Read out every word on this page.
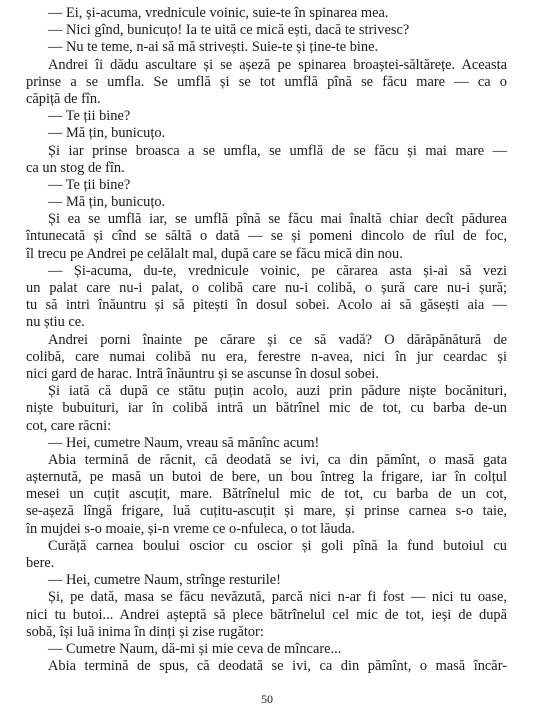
— Ei, și-acuma, vrednicule voinic, suie-te în spinarea mea.
— Nici gînd, bunicuțo! Ia te uită ce mică ești, dacă te strivesc?
— Nu te teme, n-ai să mă strivești. Suie-te și ține-te bine.
Andrei îi dădu ascultare și se așeză pe spinarea broaștei-săltărețe. Aceasta
prinse a se umfla. Se umflă și se tot umflă pînă se făcu mare — ca o
căpiță de fîn.
— Te ții bine?
— Mă țin, bunicuțo.
Și iar prinse broasca a se umfla, se umflă de se făcu și mai mare —
ca un stog de fîn.
— Te ții bine?
— Mă țin, bunicuțo.
Și ea se umflă iar, se umflă pînă se făcu mai înaltă chiar decît pădurea
întunecată și cînd se săltă o dată — se și pomeni dincolo de rîul de foc,
îl trecu pe Andrei pe celălalt mal, după care se făcu mică din nou.
— Și-acuma, du-te, vrednicule voinic, pe cărarea asta și-ai să vezi
un palat care nu-i palat, o colibă care nu-i colibă, o șură care nu-i șură;
tu să intri înăuntru și să pitești în dosul sobei. Acolo ai să găsești aia —
nu știu ce.
Andrei porni înainte pe cărare și ce să vadă? O dărăpănătură de
colibă, care numai colibă nu era, ferestre n-avea, nici în jur ceardac și
nici gard de harac. Intră înăuntru și se ascunse în dosul sobei.
Și iată că după ce stătu puțin acolo, auzi prin pădure niște bocănituri,
niște bubuituri, iar în colibă intră un bătrînel mic de tot, cu barba de-un
cot, care răcni:
— Hei, cumetre Naum, vreau să mănînc acum!
Abia termină de răcnit, că deodată se ivi, ca din pămînt, o masă gata
așternută, pe masă un butoi de bere, un bou întreg la frigare, iar în colțul
mesei un cuțit ascuțit, mare. Bătrînelul mic de tot, cu barba de un cot,
se-așeză lîngă frigare, luă cuțitu-ascuțit și mare, și prinse carnea s-o taie,
în mujdei s-o moaie, și-n vreme ce o-nfuleca, o tot lăuda.
Curăță carnea boului oscior cu oscior și goli pînă la fund butoiul cu
bere.
— Hei, cumetre Naum, strînge resturile!
Și, pe dată, masa se făcu nevăzută, parcă nici n-ar fi fost — nici tu oase,
nici tu butoi... Andrei așteptă să plece bătrînelul cel mic de tot, ieși de după
sobă, își luă inima în dinți și zise rugător:
— Cumetre Naum, dă-mi și mie ceva de mîncare...
Abia termină de spus, că deodată se ivi, ca din pămînt, o masă încăr-
50
